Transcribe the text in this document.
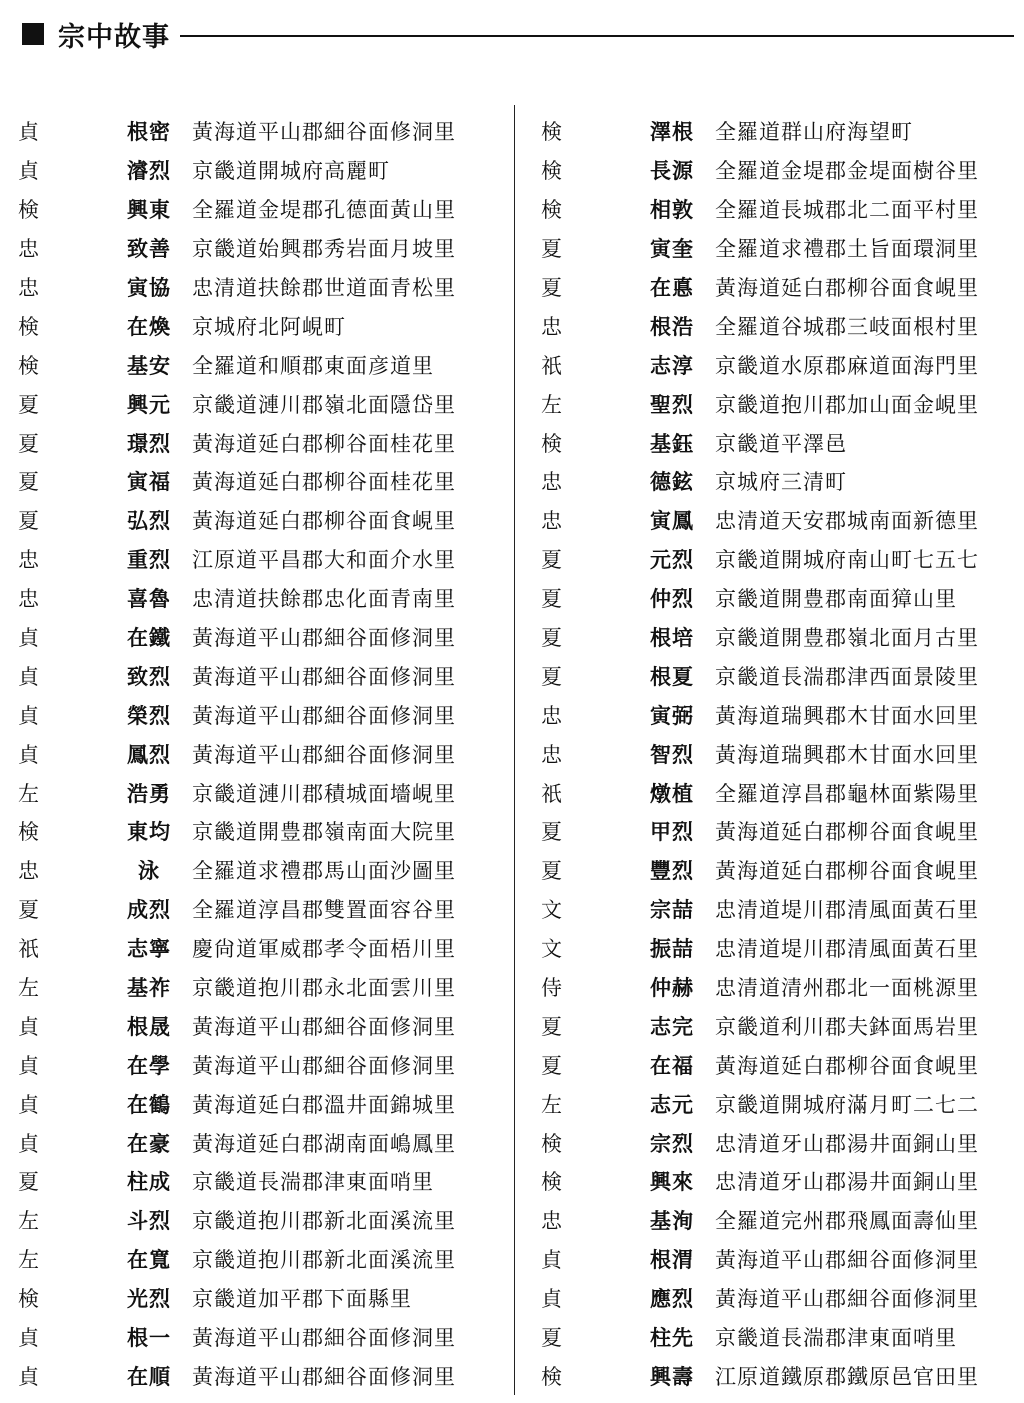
宗中故事
貞	根密	黃海道平山郡細谷面修洞里
貞	濬烈	京畿道開城府高麗町
検	興東	全羅道金堤郡孔德面黃山里
忠	致善	京畿道始興郡秀岩面月坡里
忠	寅協	忠清道扶餘郡世道面青松里
検	在煥	京城府北阿峴町
検	基安	全羅道和順郡東面彦道里
夏	興元	京畿道漣川郡嶺北面隱岱里
夏	璟烈	黃海道延白郡柳谷面桂花里
夏	寅福	黃海道延白郡柳谷面桂花里
夏	弘烈	黃海道延白郡柳谷面食峴里
忠	重烈	江原道平昌郡大和面介水里
忠	喜魯	忠清道扶餘郡忠化面青南里
貞	在鐵	黃海道平山郡細谷面修洞里
貞	致烈	黃海道平山郡細谷面修洞里
貞	榮烈	黃海道平山郡細谷面修洞里
貞	鳳烈	黃海道平山郡細谷面修洞里
左	浩勇	京畿道漣川郡積城面墻峴里
検	東均	京畿道開豊郡嶺南面大院里
忠	泳	全羅道求禮郡馬山面沙圖里
夏	成烈	全羅道淳昌郡雙置面容谷里
祇	志寧	慶尙道軍威郡孝令面梧川里
左	基祚	京畿道抱川郡永北面雲川里
貞	根晟	黃海道平山郡細谷面修洞里
貞	在學	黃海道平山郡細谷面修洞里
貞	在鶴	黃海道延白郡溫井面錦城里
貞	在豪	黃海道延白郡湖南面嶋鳳里
夏	柱成	京畿道長湍郡津東面哨里
左	斗烈	京畿道抱川郡新北面溪流里
左	在寬	京畿道抱川郡新北面溪流里
検	光烈	京畿道加平郡下面縣里
貞	根一	黃海道平山郡細谷面修洞里
貞	在順	黃海道平山郡細谷面修洞里
検	澤根	全羅道群山府海望町
検	長源	全羅道金堤郡金堤面樹谷里
検	相敦	全羅道長城郡北二面平村里
夏	寅奎	全羅道求禮郡土旨面環洞里
夏	在悳	黃海道延白郡柳谷面食峴里
忠	根浩	全羅道谷城郡三岐面根村里
祇	志淳	京畿道水原郡麻道面海門里
左	聖烈	京畿道抱川郡加山面金峴里
検	基鈺	京畿道平澤邑
忠	德鉉	京城府三清町
忠	寅鳳	忠清道天安郡城南面新德里
夏	元烈	京畿道開城府南山町七五七
夏	仲烈	京畿道開豊郡南面獐山里
夏	根培	京畿道開豊郡嶺北面月古里
夏	根夏	京畿道長湍郡津西面景陵里
忠	寅弼	黃海道瑞興郡木甘面水回里
忠	智烈	黃海道瑞興郡木甘面水回里
祇	燉植	全羅道淳昌郡龜林面紫陽里
夏	甲烈	黃海道延白郡柳谷面食峴里
夏	豐烈	黃海道延白郡柳谷面食峴里
文	宗喆	忠清道堤川郡清風面黃石里
文	振喆	忠清道堤川郡清風面黃石里
侍	仲赫	忠清道清州郡北一面桃源里
夏	志完	京畿道利川郡夫鉢面馬岩里
夏	在福	黃海道延白郡柳谷面食峴里
左	志元	京畿道開城府滿月町二七二
検	宗烈	忠清道牙山郡湯井面銅山里
検	興來	忠清道牙山郡湯井面銅山里
忠	基洵	全羅道完州郡飛鳳面壽仙里
貞	根渭	黃海道平山郡細谷面修洞里
貞	應烈	黃海道平山郡細谷面修洞里
夏	柱先	京畿道長湍郡津東面哨里
検	興壽	江原道鐵原郡鐵原邑官田里
